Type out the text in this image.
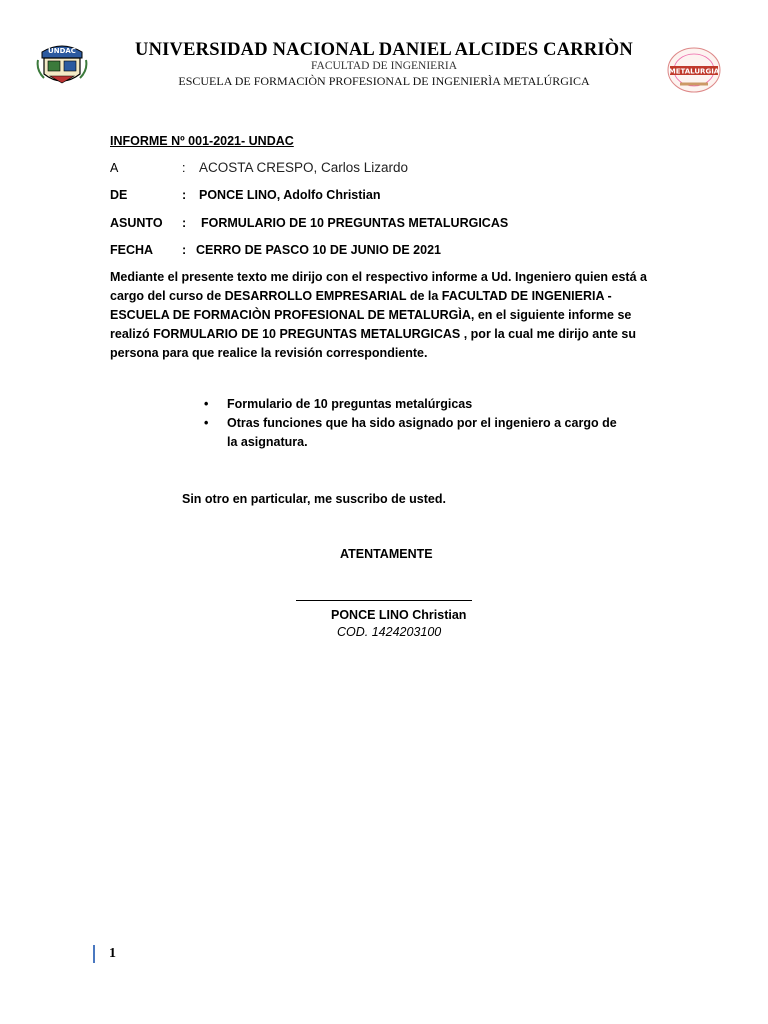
UNDAC
METALURGIA
UNIVERSIDAD NACIONAL DANIEL ALCIDES CARRIÒN
FACULTAD DE INGENIERIA
ESCUELA DE FORMACIÒN PROFESIONAL DE INGENIERÌA METALÚRGICA
INFORME Nº 001-2021- UNDAC
A	: ACOSTA CRESPO, Carlos Lizardo
DE	: PONCE LINO, Adolfo Christian
ASUNTO : FORMULARIO DE 10 PREGUNTAS METALURGICAS
FECHA : CERRO DE PASCO 10 DE JUNIO DE 2021
Mediante el presente texto me dirijo con el respectivo informe a Ud. Ingeniero quien está a cargo del curso de DESARROLLO EMPRESARIAL de la FACULTAD DE INGENIERIA - ESCUELA DE FORMACIÒN PROFESIONAL DE METALURGÌA, en el siguiente informe se realizó FORMULARIO DE 10 PREGUNTAS METALURGICAS , por la cual me dirijo ante su persona para que realice la revisión correspondiente.
•	Formulario de 10 preguntas metalúrgicas
•	Otras funciones que ha sido asignado por el ingeniero a cargo de la asignatura.
Sin otro en particular, me suscribo de usted.
ATENTAMENTE
PONCE LINO Christian
COD. 1424203100
1
